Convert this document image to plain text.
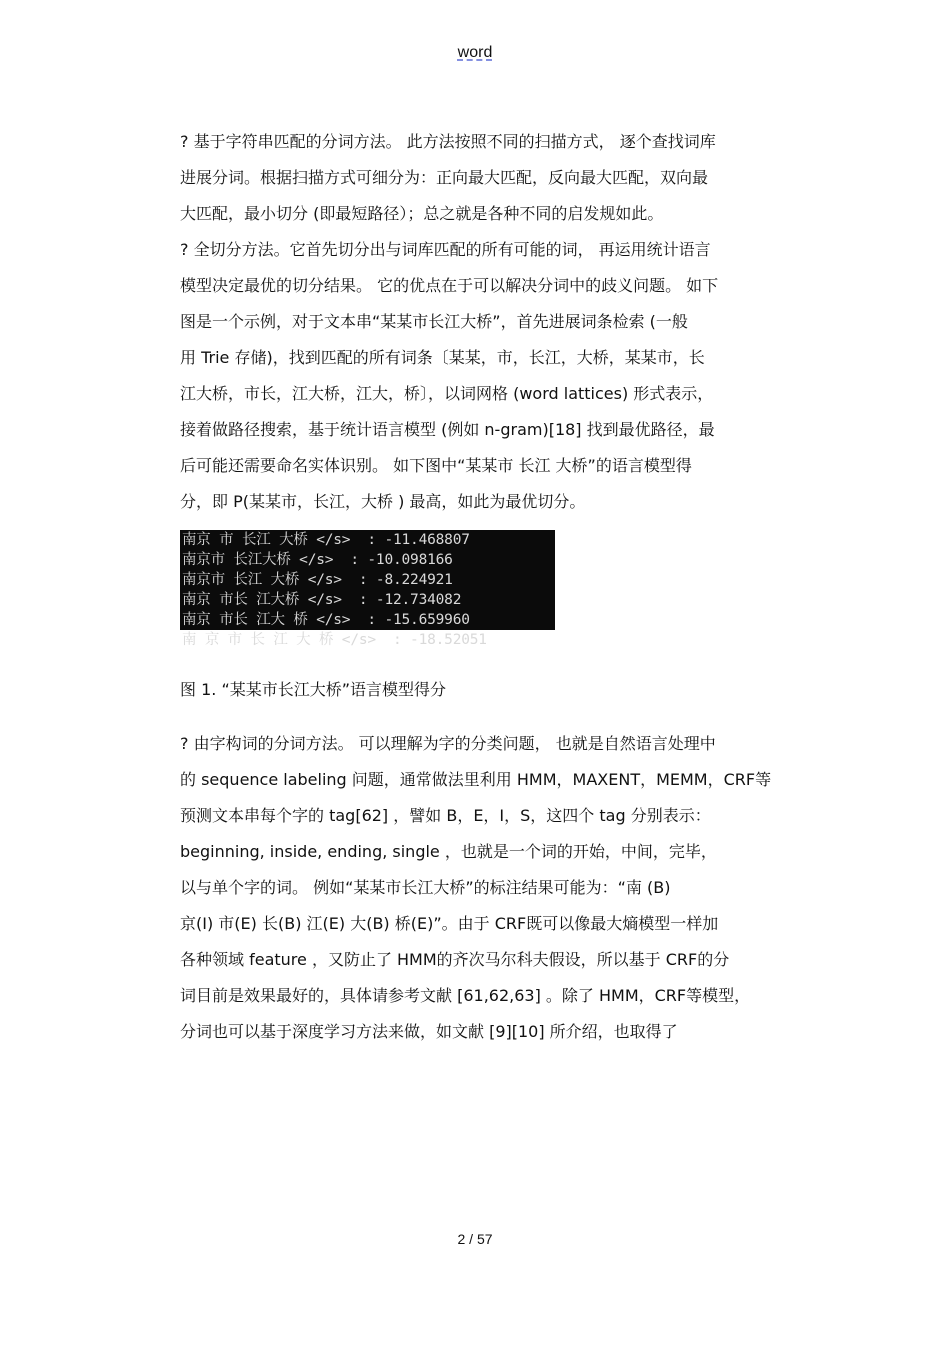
word
? 基于字符串匹配的分词方法。 此方法按照不同的扫描方式， 逐个查找词库
进展分词。根据扫描方式可细分为：正向最大匹配，反向最大匹配，双向最
大匹配，最小切分 (即最短路径）；总之就是各种不同的启发规如此。
? 全切分方法。它首先切分出与词库匹配的所有可能的词， 再运用统计语言
模型决定最优的切分结果。 它的优点在于可以解决分词中的歧义问题。 如下
图是一个示例，对于文本串“某某市长江大桥”，首先进展词条检索 (一般
用 Trie 存储)，找到匹配的所有词条〔某某，市，长江，大桥，某某市，长
江大桥，市长，江大桥，江大，桥〕，以词网格 (word lattices) 形式表示，
接着做路径搜索，基于统计语言模型 (例如 n-gram)[18] 找到最优路径，最
后可能还需要命名实体识别。 如下图中“某某市 长江 大桥”的语言模型得
分，即 P(某某市，长江，大桥 ) 最高，如此为最优切分。
南京 市 长江 大桥 </s>  : -11.468807
南京市 长江大桥 </s>  : -10.098166
南京市 长江 大桥 </s>  : -8.224921
南京 市长 江大桥 </s>  : -12.734082
南京 市长 江大 桥 </s>  : -15.659960
南 京 市 长 江 大 桥 </s>  : -18.52051
图 1. “某某市长江大桥”语言模型得分
? 由字构词的分词方法。 可以理解为字的分类问题， 也就是自然语言处理中
的 sequence labeling 问题，通常做法里利用 HMM，MAXENT，MEMM，CRF等
预测文本串每个字的 tag[62] ，譬如 B，E，I，S，这四个 tag 分别表示：
beginning, inside, ending, single ，也就是一个词的开始，中间，完毕，
以与单个字的词。 例如“某某市长江大桥”的标注结果可能为：“南 (B)
京(I) 市(E) 长(B) 江(E) 大(B) 桥(E)”。由于 CRF既可以像最大熵模型一样加
各种领域 feature ，又防止了 HMM的齐次马尔科夫假设，所以基于 CRF的分
词目前是效果最好的，具体请参考文献 [61,62,63] 。除了 HMM，CRF等模型，
分词也可以基于深度学习方法来做，如文献 [9][10] 所介绍，也取得了
2 / 57
